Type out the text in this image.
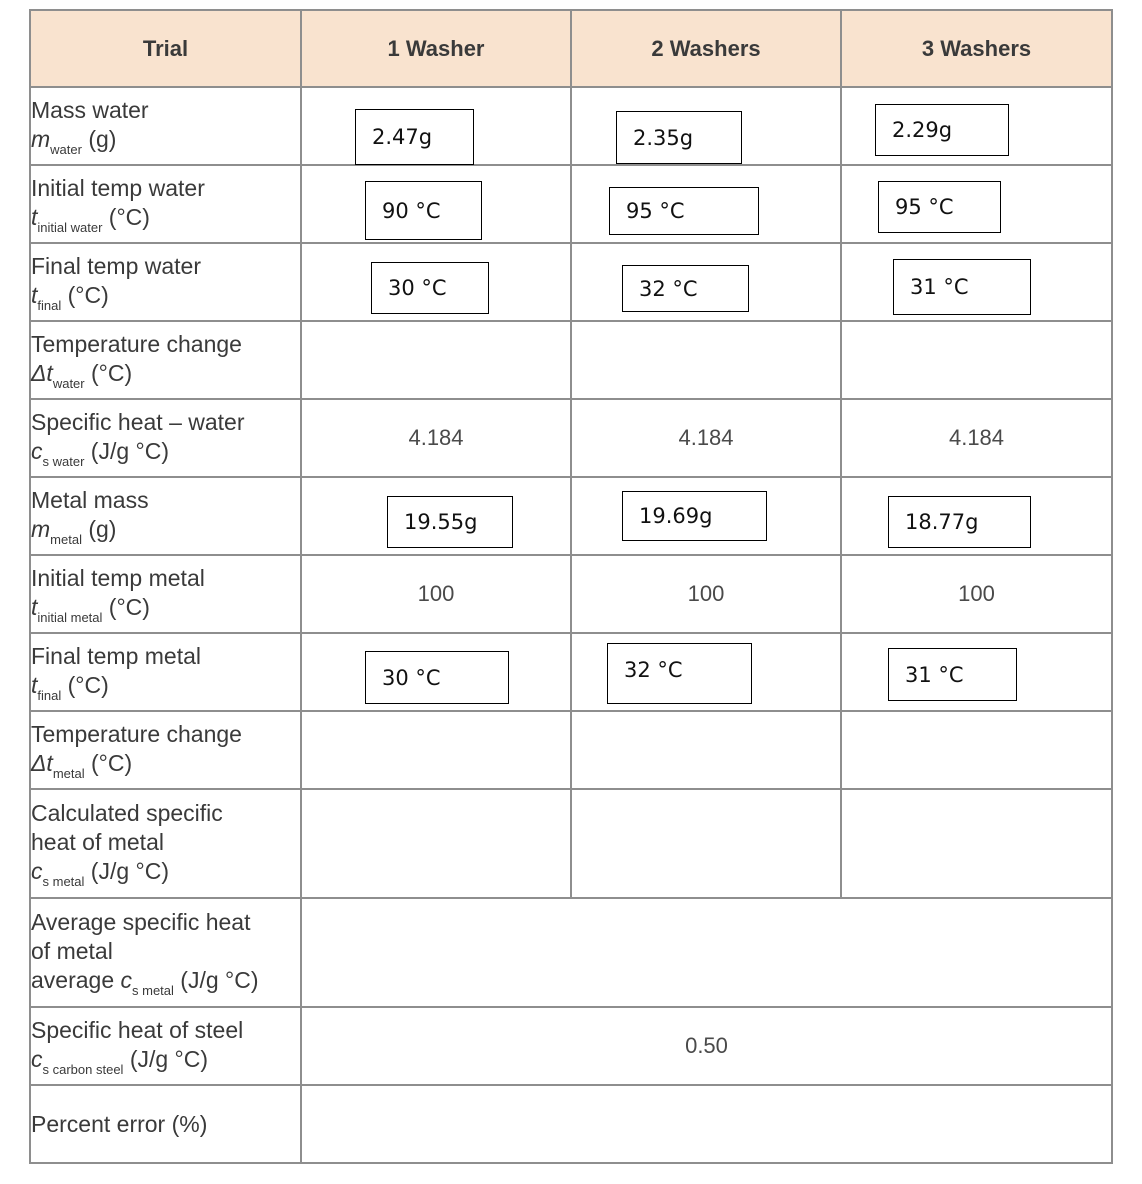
Trial	1 Washer	2 Washers	3 Washers

Mass water
$m_{water}$ (g)	2.47g	2.35g	2.29g

Initial temp water
$t_{initial water}$ (°C)	90 °C	95 °C	95 °C

Final temp water
$t_{final}$ (°C)	30 °C	32 °C	31 °C

Temperature change
$\Delta t_{water}$ (°C)			

Specific heat – water
$c_{s water}$ (J/g °C)	4.184	4.184	4.184

Metal mass
$m_{metal}$ (g)	19.55g	19.69g	18.77g

Initial temp metal
$t_{initial metal}$ (°C)	100	100	100

Final temp metal
$t_{final}$ (°C)	30 °C	32 °C	31 °C

Temperature change
$\Delta t_{metal}$ (°C)			

Calculated specific
heat of metal
$c_{s metal}$ (J/g °C)			

Average specific heat
of metal
average $c_{s metal}$ (J/g °C)			

Specific heat of steel
$c_{s carbon steel}$ (J/g °C)	0.50		

Percent error (%)			
